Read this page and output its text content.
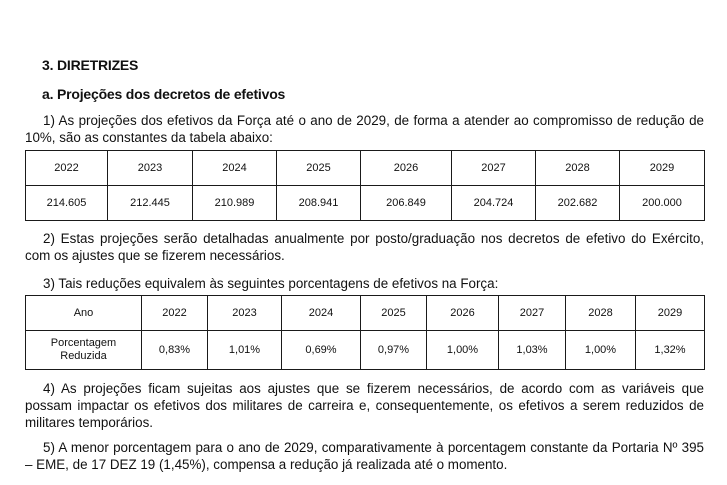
3. DIRETRIZES
a. Projeções dos decretos de efetivos
1) As projeções dos efetivos da Força até o ano de 2029, de forma a atender ao compromisso de redução de 10%, são as constantes da tabela abaixo:
2022	2023	2024	2025	2026	2027	2028	2029
214.605	212.445	210.989	208.941	206.849	204.724	202.682	200.000
2) Estas projeções serão detalhadas anualmente por posto/graduação nos decretos de efetivo do Exército, com os ajustes que se fizerem necessários.
3) Tais reduções equivalem às seguintes porcentagens de efetivos na Força:
Ano	2022	2023	2024	2025	2026	2027	2028	2029
Porcentagem
Reduzida	0,83%	1,01%	0,69%	0,97%	1,00%	1,03%	1,00%	1,32%
4) As projeções ficam sujeitas aos ajustes que se fizerem necessários, de acordo com as variáveis que possam impactar os efetivos dos militares de carreira e, consequentemente, os efetivos a serem reduzidos de militares temporários.
5) A menor porcentagem para o ano de 2029, comparativamente à porcentagem constante da Portaria Nº 395 – EME, de 17 DEZ 19 (1,45%), compensa a redução já realizada até o momento.
